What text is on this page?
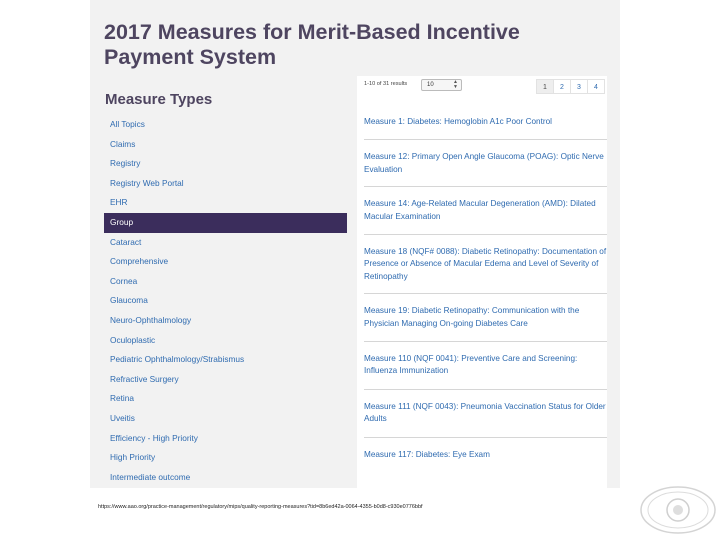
2017 Measures for Merit-Based Incentive Payment System
Measure Types
All Topics
Claims
Registry
Registry Web Portal
EHR
Group
Cataract
Comprehensive
Cornea
Glaucoma
Neuro-Ophthalmology
Oculoplastic
Pediatric Ophthalmology/Strabismus
Refractive Surgery
Retina
Uveitis
Efficiency - High Priority
High Priority
Intermediate outcome
1-10 of 31 results	10	▲
▼	1	2	3	4
Measure 1: Diabetes: Hemoglobin A1c Poor Control
Measure 12: Primary Open Angle Glaucoma (POAG): Optic Nerve Evaluation
Measure 14: Age-Related Macular Degeneration (AMD): Dilated Macular Examination
Measure 18 (NQF# 0088): Diabetic Retinopathy: Documentation of Presence or Absence of Macular Edema and Level of Severity of Retinopathy
Measure 19: Diabetic Retinopathy: Communication with the Physician Managing On-going Diabetes Care
Measure 110 (NQF 0041): Preventive Care and Screening: Influenza Immunization
Measure 111 (NQF 0043): Pneumonia Vaccination Status for Older Adults
Measure 117: Diabetes: Eye Exam
https://www.aao.org/practice-management/regulatory/mips/quality-reporting-measures?tid=8b6ed42a-0064-4355-b0d8-c930e0776bbf
